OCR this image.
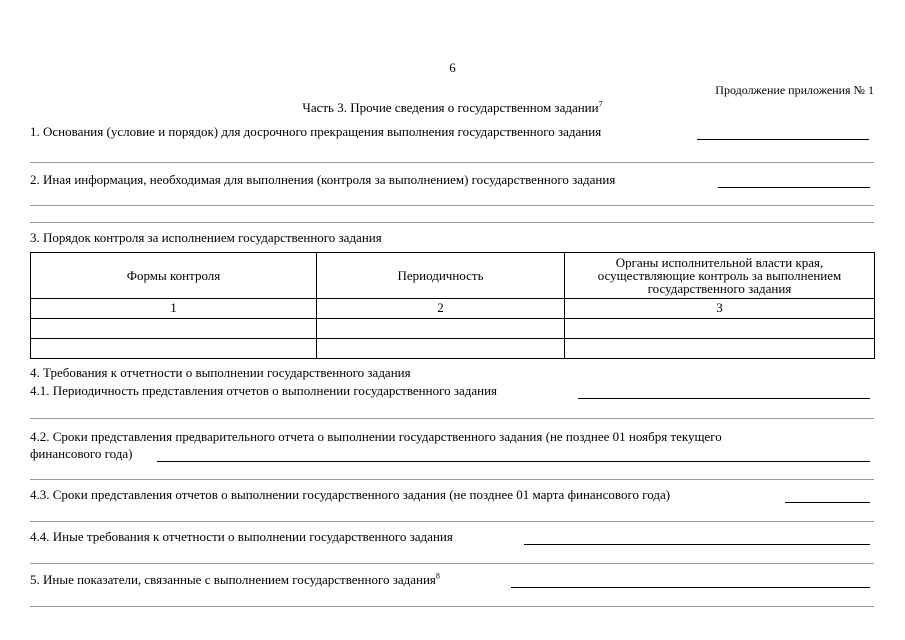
6
Продолжение приложения № 1
Часть 3. Прочие сведения о государственном задании$^7$
1. Основания (условие и порядок) для досрочного прекращения выполнения государственного задания
2. Иная информация, необходимая для выполнения (контроля за выполнением) государственного задания
3. Порядок контроля за исполнением государственного задания
Формы контроля	Периодичность	Органы исполнительной власти края, осуществляющие контроль за выполнением государственного задания
1	2	3

4. Требования к отчетности о выполнении государственного задания
4.1. Периодичность представления отчетов о выполнении государственного задания
4.2. Сроки представления предварительного отчета о выполнении государственного задания (не позднее 01 ноября текущего
финансового года)
4.3. Сроки представления отчетов о выполнении государственного задания (не позднее 01 марта финансового года)
4.4. Иные требования к отчетности о выполнении государственного задания
5. Иные показатели, связанные с выполнением государственного задания$^8$
